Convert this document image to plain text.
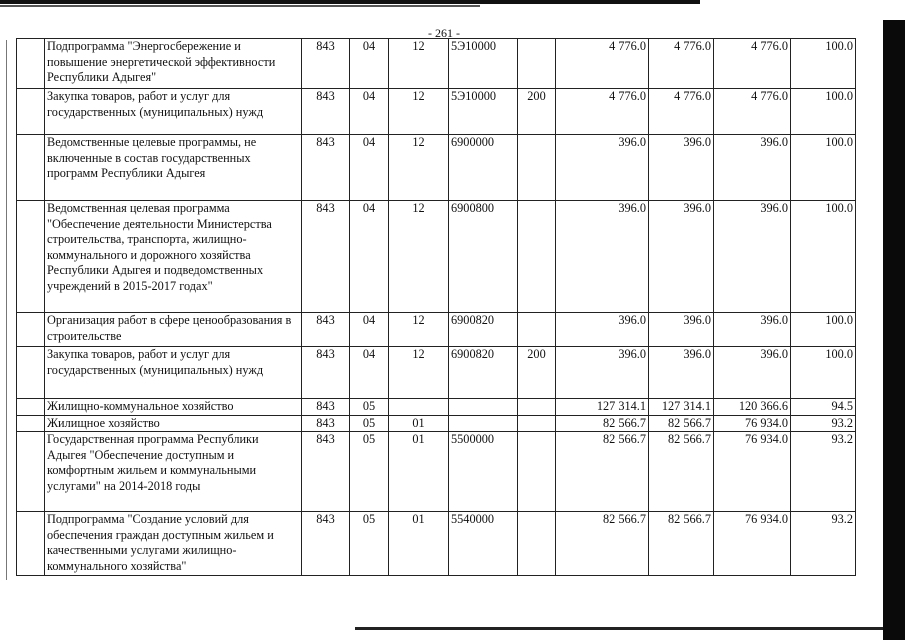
- 261 -
	Подпрограмма "Энергосбережение и повышение энергетической эффективности Республики Адыгея"	843	04	12	5Э10000		4 776.0	4 776.0	4 776.0	100.0
	Закупка товаров, работ и услуг для государственных (муниципальных) нужд	843	04	12	5Э10000	200	4 776.0	4 776.0	4 776.0	100.0
	Ведомственные целевые программы, не включенные в состав государственных программ Республики Адыгея	843	04	12	6900000		396.0	396.0	396.0	100.0
	Ведомственная целевая программа "Обеспечение деятельности Министерства строительства, транспорта, жилищно-коммунального и дорожного хозяйства Республики Адыгея и подведомственных учреждений в 2015-2017 годах"	843	04	12	6900800		396.0	396.0	396.0	100.0
	Организация работ в сфере ценообразования в строительстве	843	04	12	6900820		396.0	396.0	396.0	100.0
	Закупка товаров, работ и услуг для государственных (муниципальных) нужд	843	04	12	6900820	200	396.0	396.0	396.0	100.0
	Жилищно-коммунальное хозяйство	843	05				127 314.1	127 314.1	120 366.6	94.5
	Жилищное хозяйство	843	05	01			82 566.7	82 566.7	76 934.0	93.2
	Государственная программа Республики Адыгея "Обеспечение доступным и комфортным жильем и коммунальными услугами" на 2014-2018 годы	843	05	01	5500000		82 566.7	82 566.7	76 934.0	93.2
	Подпрограмма "Создание условий для обеспечения граждан доступным жильем и качественными услугами жилищно-коммунального хозяйства"	843	05	01	5540000		82 566.7	82 566.7	76 934.0	93.2
